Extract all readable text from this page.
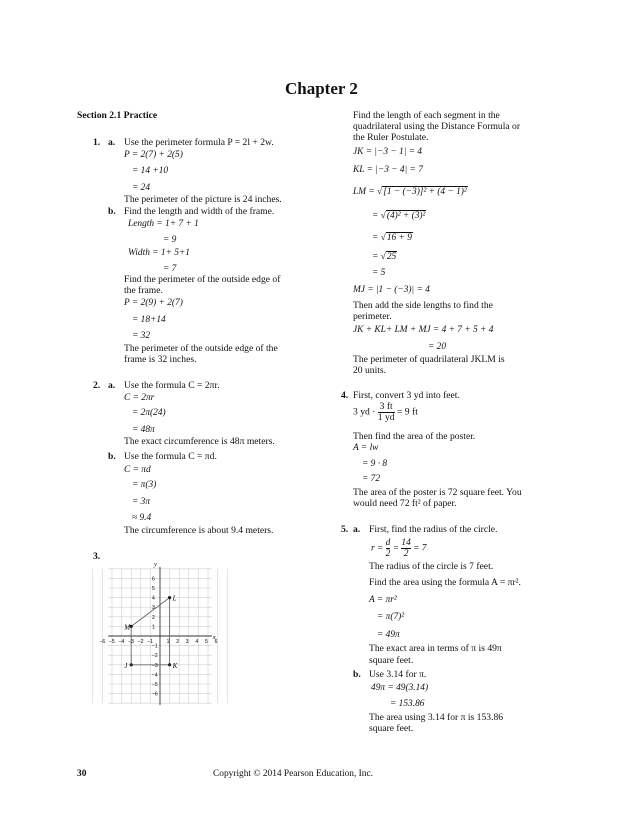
Chapter 2
Section 2.1 Practice
1. a. Use the perimeter formula P = 2l + 2w.
P = 2(7) + 2(5)
= 14 +10
= 24
The perimeter of the picture is 24 inches.
b. Find the length and width of the frame.
Length = 1+ 7 + 1
= 9
Width = 1+ 5+1
= 7
Find the perimeter of the outside edge of
the frame.
P = 2(9) + 2(7)
= 18+14
= 32
The perimeter of the outside edge of the
frame is 32 inches.
2. a. Use the formula C = 2πr.
C = 2πr
= 2π(24)
= 48π
The exact circumference is 48π meters.
b. Use the formula C = πd.
C = πd
= π(3)
= 3π
≈ 9.4
The circumference is about 9.4 meters.
3.
L
M
J	K
x
y
−6 −5 −4 −3 −2 −1	1 2 3 4 5 6
6
5
4
3
2
1
−1
−2
−3
−4
−5
−6
Find the length of each segment in the
quadrilateral using the Distance Formula or
the Ruler Postulate.
JK = |−3 − 1| = 4
KL = |−3 − 4| = 7
LM = √[1 − (−3)]² + (4 − 1)²
= √(4)² + (3)²
= √16 + 9
= √25
= 5
MJ = |1 − (−3)| = 4
Then add the side lengths to find the
perimeter.
JK + KL+ LM + MJ = 4 + 7 + 5 + 4
= 20
The perimeter of quadrilateral JKLM is
20 units.
4. First, convert 3 yd into feet.
3 yd · $\frac{3 ft}{1 yd} = 9$ ft
Then find the area of the poster.
A = lw
= 9 · 8
= 72
The area of the poster is 72 square feet. You
would need 72 ft² of paper.
5. a. First, find the radius of the circle.
$r = \frac{d}{2} = \frac{14}{2} = 7$
The radius of the circle is 7 feet.
Find the area using the formula A = πr².
A = πr²
= π(7)²
= 49π
The exact area in terms of π is 49π
square feet.
b. Use 3.14 for π.
49π = 49(3.14)
= 153.86
The area using 3.14 for π is 153.86
square feet.
30	Copyright © 2014 Pearson Education, Inc.
